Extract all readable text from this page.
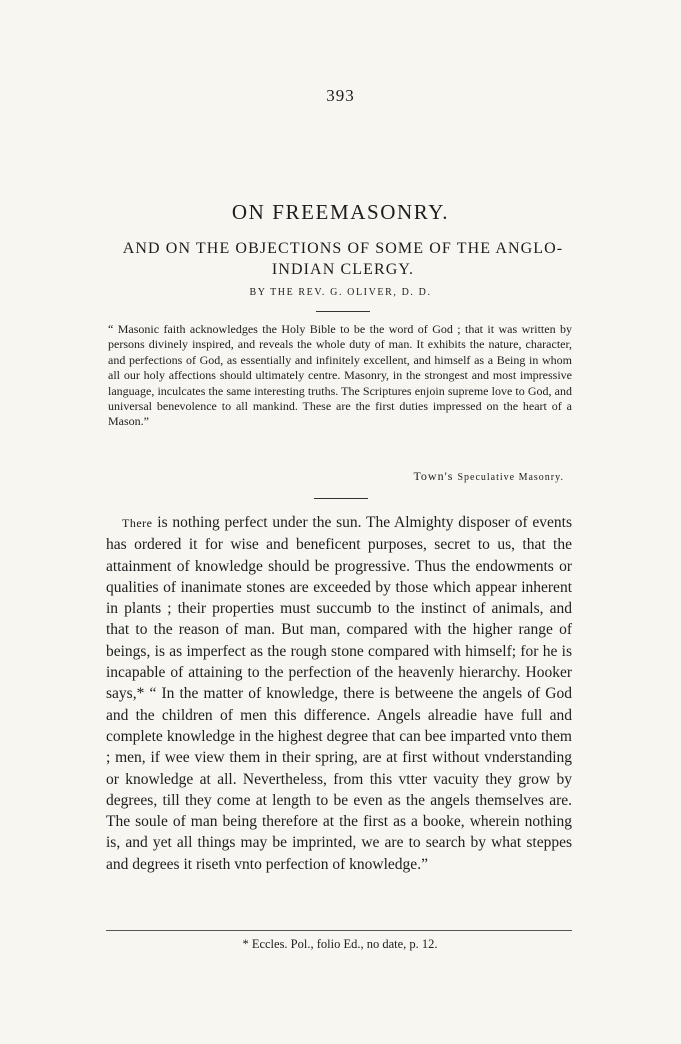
393
ON FREEMASONRY.
AND ON THE OBJECTIONS OF SOME OF THE ANGLO-INDIAN CLERGY.
BY THE REV. G. OLIVER, D. D.

“ Masonic faith acknowledges the Holy Bible to be the word of God ; that it was written by persons divinely inspired, and reveals the whole duty of man. It exhibits the nature, character, and perfections of God, as essentially and infinitely excellent, and himself as a Being in whom all our holy affections should ultimately centre. Masonry, in the strongest and most impressive language, inculcates the same interesting truths. The Scriptures enjoin supreme love to God, and universal benevolence to all mankind. These are the first duties impressed on the heart of a Mason.”

Town's Speculative Masonry.

There is nothing perfect under the sun. The Almighty disposer of events has ordered it for wise and beneficent purposes, secret to us, that the attainment of knowledge should be progressive. Thus the endowments or qualities of inanimate stones are exceeded by those which appear inherent in plants ; their properties must succumb to the instinct of animals, and that to the reason of man. But man, compared with the higher range of beings, is as imperfect as the rough stone compared with himself; for he is incapable of attaining to the perfection of the heavenly hierarchy. Hooker says,* “ In the matter of knowledge, there is betweene the angels of God and the children of men this difference. Angels alreadie have full and complete knowledge in the highest degree that can bee imparted vnto them ; men, if wee view them in their spring, are at first without vnderstanding or knowledge at all. Nevertheless, from this vtter vacuity they grow by degrees, till they come at length to be even as the angels themselves are. The soule of man being therefore at the first as a booke, wherein nothing is, and yet all things may be imprinted, we are to search by what steppes and degrees it riseth vnto perfection of knowledge.”

* Eccles. Pol., folio Ed., no date, p. 12.
